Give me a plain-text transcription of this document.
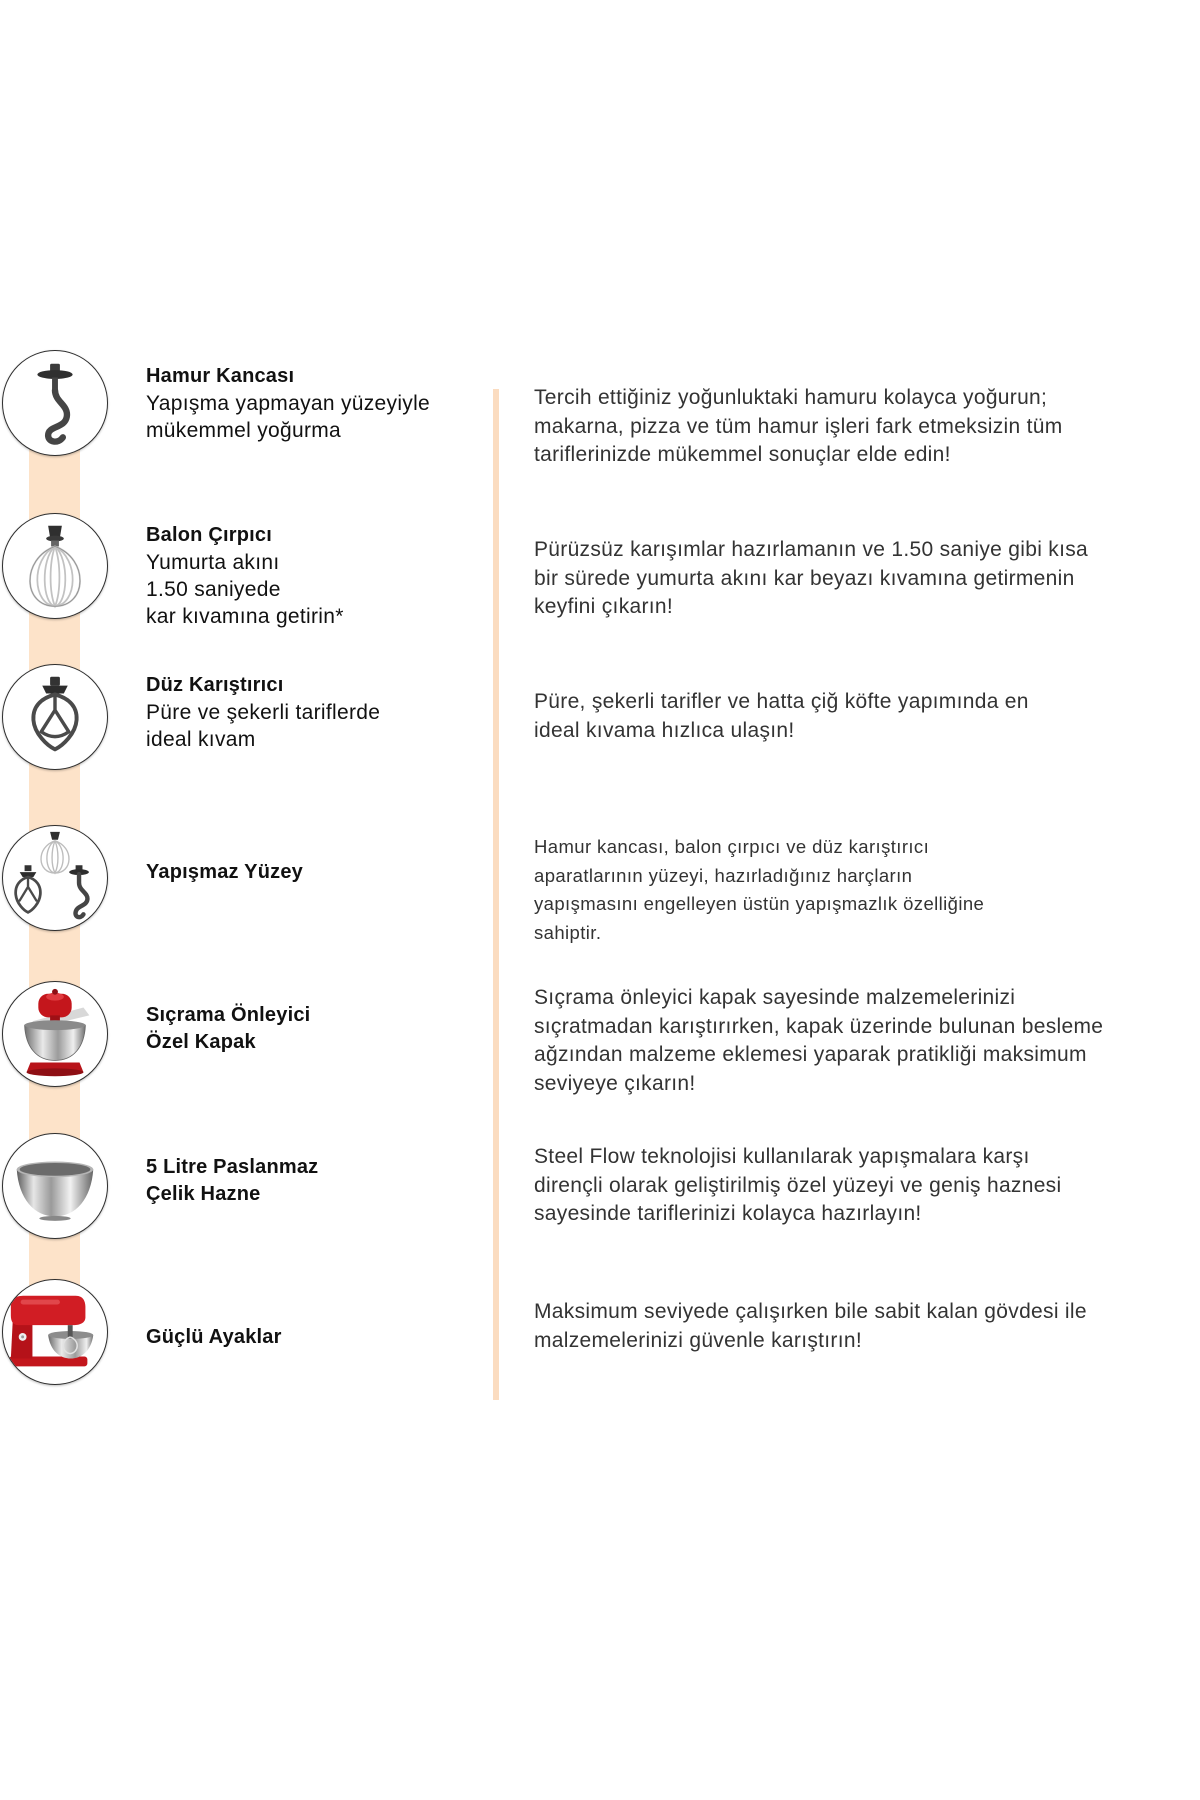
Hamur Kancası
Yapışma yapmayan yüzeyiyle
mükemmel yoğurma
Tercih ettiğiniz yoğunluktaki hamuru kolayca yoğurun;
makarna, pizza ve tüm hamur işleri fark etmeksizin tüm
tariflerinizde mükemmel sonuçlar elde edin!
Balon Çırpıcı
Yumurta akını
1.50 saniyede
kar kıvamına getirin*
Pürüzsüz karışımlar hazırlamanın ve 1.50 saniye gibi kısa
bir sürede yumurta akını kar beyazı kıvamına getirmenin
keyfini çıkarın!
Düz Karıştırıcı
Püre ve şekerli tariflerde
ideal kıvam
Püre, şekerli tarifler ve hatta çiğ köfte yapımında en
ideal kıvama hızlıca ulaşın!
Yapışmaz Yüzey
Hamur kancası, balon çırpıcı ve düz karıştırıcı
aparatlarının yüzeyi, hazırladığınız harçların
yapışmasını engelleyen üstün yapışmazlık özelliğine
sahiptir.
Sıçrama Önleyici
Özel Kapak
Sıçrama önleyici kapak sayesinde malzemelerinizi
sıçratmadan karıştırırken, kapak üzerinde bulunan besleme
ağzından malzeme eklemesi yaparak pratikliği maksimum
seviyeye çıkarın!
5 Litre Paslanmaz
Çelik Hazne
Steel Flow teknolojisi kullanılarak yapışmalara karşı
dirençli olarak geliştirilmiş özel yüzeyi ve geniş haznesi
sayesinde tariflerinizi kolayca hazırlayın!
Güçlü Ayaklar
Maksimum seviyede çalışırken bile sabit kalan gövdesi ile
malzemelerinizi güvenle karıştırın!
